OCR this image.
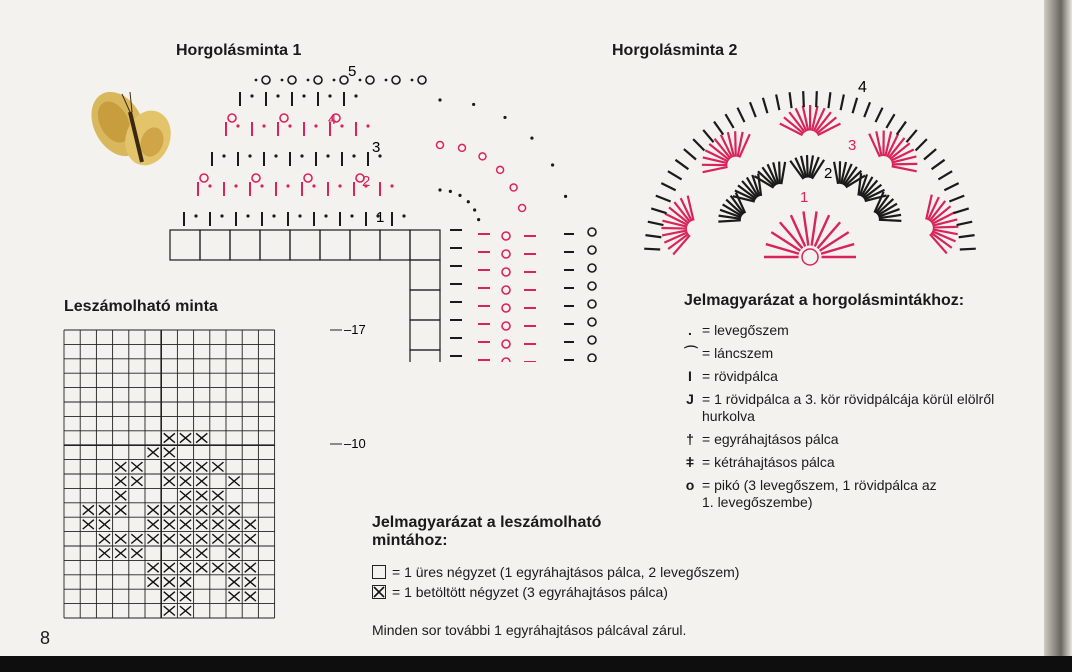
Horgolásminta 1	Horgolásminta 2
5
4
3
2
1
1
2
3
4
Leszámolható minta
–17
–10
Jelmagyarázat a horgolásmintákhoz:
. = levegőszem
⌒ = láncszem
I = rövidpálca
J = 1 rövidpálca a 3. kör rövidpálcája körül elölről
hurkolva
† = egyráhajtásos pálca
ǂ = kétráhajtásos pálca
o = pikó (3 levegőszem, 1 rövidpálca az
1. levegőszembe)
Jelmagyarázat a leszámolható
mintához:
= 1 üres négyzet (1 egyráhajtásos pálca, 2 levegőszem)
= 1 betöltött négyzet (3 egyráhajtásos pálca)
Minden sor további 1 egyráhajtásos pálcával zárul.
8
